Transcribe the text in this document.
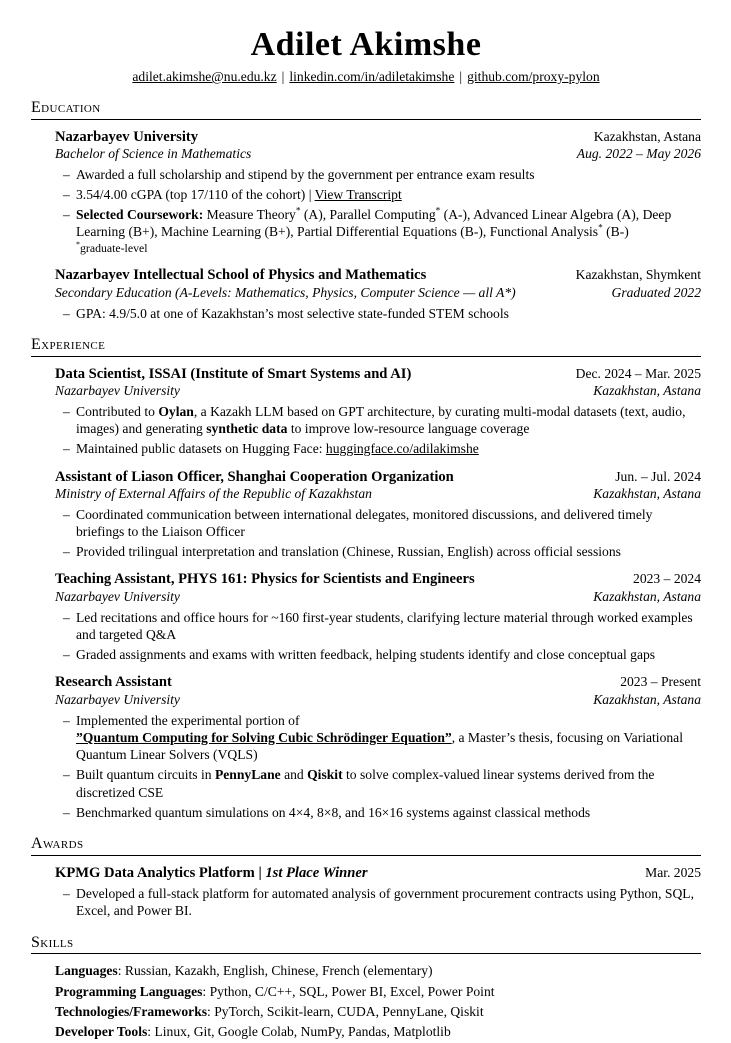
Adilet Akimshe
adilet.akimshe@nu.edu.kz | linkedin.com/in/adiletakimshe | github.com/proxy-pylon
Education
Nazarbayev University	Kazakhstan, Astana
Bachelor of Science in Mathematics	Aug. 2022 – May 2026
– Awarded a full scholarship and stipend by the government per entrance exam results
– 3.54/4.00 cGPA (top 17/110 of the cohort) | View Transcript
– Selected Coursework: Measure Theory* (A), Parallel Computing* (A-), Advanced Linear Algebra (A), Deep Learning (B+), Machine Learning (B+), Partial Differential Equations (B-), Functional Analysis* (B-)
*graduate-level
Nazarbayev Intellectual School of Physics and Mathematics	Kazakhstan, Shymkent
Secondary Education (A-Levels: Mathematics, Physics, Computer Science — all A*)	Graduated 2022
– GPA: 4.9/5.0 at one of Kazakhstan’s most selective state-funded STEM schools
Experience
Data Scientist, ISSAI (Institute of Smart Systems and AI)	Dec. 2024 – Mar. 2025
Nazarbayev University	Kazakhstan, Astana
– Contributed to Oylan, a Kazakh LLM based on GPT architecture, by curating multi-modal datasets (text, audio, images) and generating synthetic data to improve low-resource language coverage
– Maintained public datasets on Hugging Face: huggingface.co/adilakimshe
Assistant of Liason Officer, Shanghai Cooperation Organization	Jun. – Jul. 2024
Ministry of External Affairs of the Republic of Kazakhstan	Kazakhstan, Astana
– Coordinated communication between international delegates, monitored discussions, and delivered timely briefings to the Liaison Officer
– Provided trilingual interpretation and translation (Chinese, Russian, English) across official sessions
Teaching Assistant, PHYS 161: Physics for Scientists and Engineers	2023 – 2024
Nazarbayev University	Kazakhstan, Astana
– Led recitations and office hours for ~160 first-year students, clarifying lecture material through worked examples and targeted Q&A
– Graded assignments and exams with written feedback, helping students identify and close conceptual gaps
Research Assistant	2023 – Present
Nazarbayev University	Kazakhstan, Astana
– Implemented the experimental portion of
”Quantum Computing for Solving Cubic Schrödinger Equation”, a Master’s thesis, focusing on Variational Quantum Linear Solvers (VQLS)
– Built quantum circuits in PennyLane and Qiskit to solve complex-valued linear systems derived from the discretized CSE
– Benchmarked quantum simulations on 4×4, 8×8, and 16×16 systems against classical methods
Awards
KPMG Data Analytics Platform | 1st Place Winner	Mar. 2025
– Developed a full-stack platform for automated analysis of government procurement contracts using Python, SQL, Excel, and Power BI.
Skills
Languages: Russian, Kazakh, English, Chinese, French (elementary)
Programming Languages: Python, C/C++, SQL, Power BI, Excel, Power Point
Technologies/Frameworks: PyTorch, Scikit-learn, CUDA, PennyLane, Qiskit
Developer Tools: Linux, Git, Google Colab, NumPy, Pandas, Matplotlib
